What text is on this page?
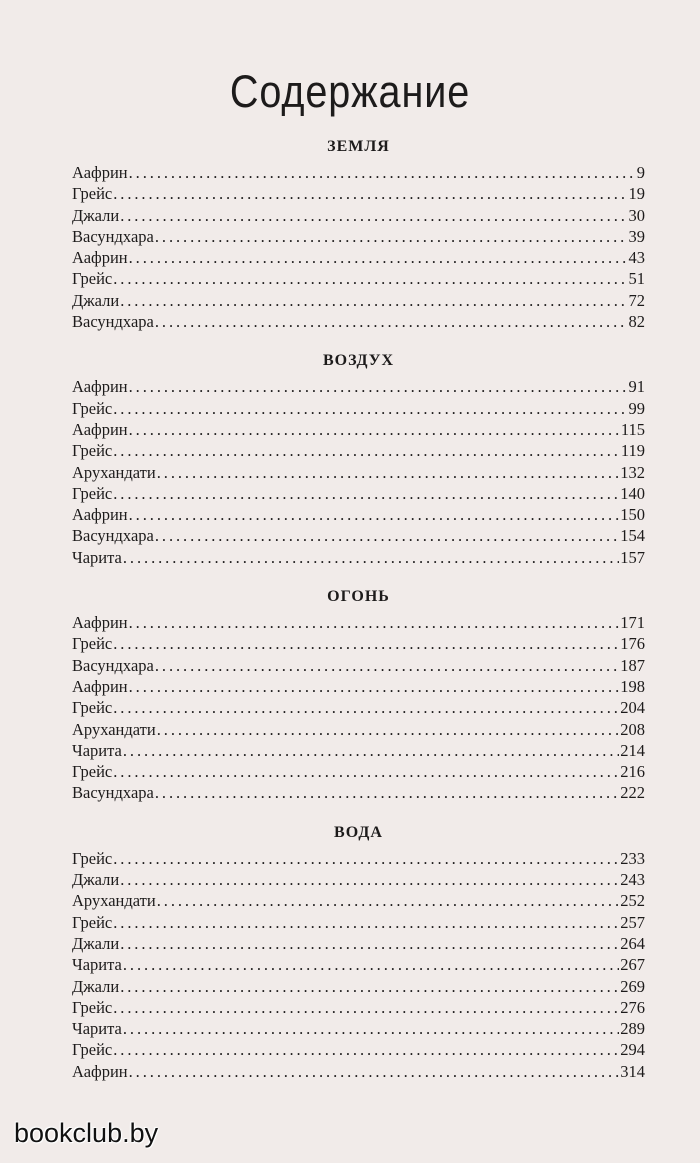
Содержание
ЗЕМЛЯ
Аафрин . . .	9
Грейс . . .	19
Джали . . .	30
Васундхара . . .	39
Аафрин . . .	43
Грейс . . .	51
Джали . . .	72
Васундхара . . .	82
ВОЗДУХ
Аафрин . . .	91
Грейс . . .	99
Аафрин . . .	115
Грейс . . .	119
Арухандати . . .	132
Грейс . . .	140
Аафрин . . .	150
Васундхара . . .	154
Чарита . . .	157
ОГОНЬ
Аафрин . . .	171
Грейс . . .	176
Васундхара . . .	187
Аафрин . . .	198
Грейс . . .	204
Арухандати . . .	208
Чарита . . .	214
Грейс . . .	216
Васундхара . . .	222
ВОДА
Грейс . . .	233
Джали . . .	243
Арухандати . . .	252
Грейс . . .	257
Джали . . .	264
Чарита . . .	267
Джали . . .	269
Грейс . . .	276
Чарита . . .	289
Грейс . . .	294
Аафрин . . .	314
bookclub.by
